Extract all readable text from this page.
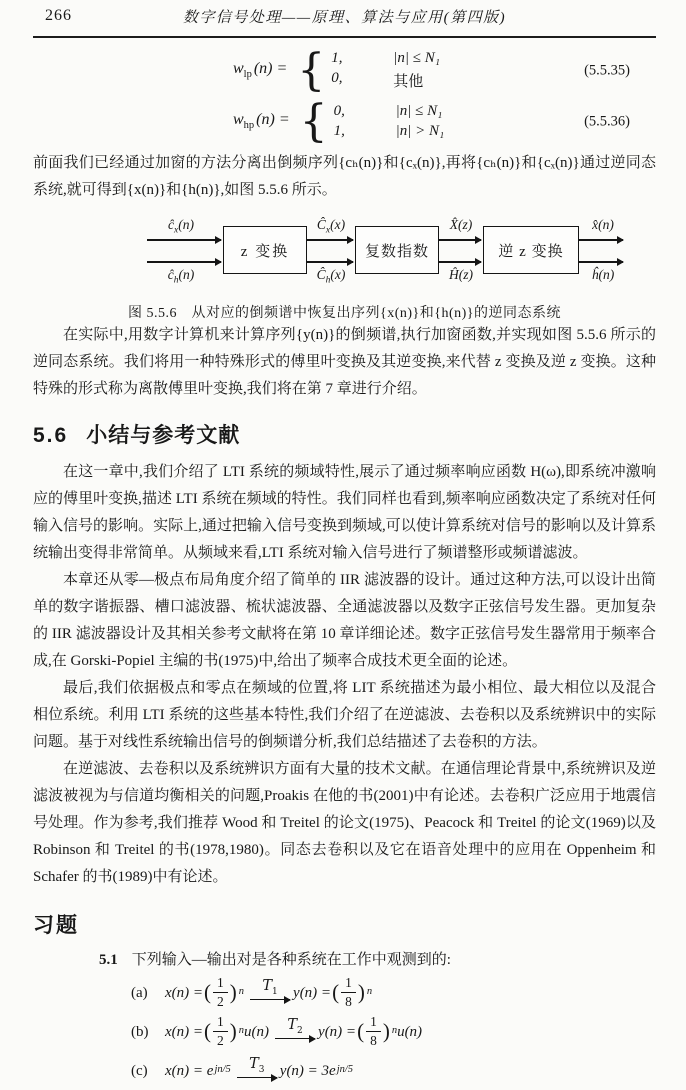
266	数字信号处理——原理、算法与应用(第四版)
$w_{lp}$ (n) = { 1,	|n| ≤ N₁
0,	其他
(5.5.35)
$w_{hp}$ (n) = { 0,	|n| ≤ N₁
1,	|n| > N₁
(5.5.36)

前面我们已经通过加窗的方法分离出倒频序列{cₕ(n)}和{cₓ(n)},再将{cₕ(n)}和{cₓ(n)}通过逆同态系统,就可得到{x(n)}和{h(n)},如图 5.5.6 所示。

z 变换	复数指数	逆 z 变换
$ĉ_x(n)$
$ĉ_h(n)$
$Ĉ_x(x)$
$Ĉ_h(x)$
X̂(z)
Ĥ(z)
x̂(n)
ĥ(n)
图 5.5.6　从对应的倒频谱中恢复出序列{x(n)}和{h(n)}的逆同态系统

在实际中,用数字计算机来计算序列{y(n)}的倒频谱,执行加窗函数,并实现如图 5.5.6 所示的逆同态系统。我们将用一种特殊形式的傅里叶变换及其逆变换,来代替 z 变换及逆 z 变换。这种特殊的形式称为离散傅里叶变换,我们将在第 7 章进行介绍。

5.6 小结与参考文献

在这一章中,我们介绍了 LTI 系统的频域特性,展示了通过频率响应函数 H(ω),即系统冲激响应的傅里叶变换,描述 LTI 系统在频域的特性。我们同样也看到,频率响应函数决定了系统对任何输入信号的影响。实际上,通过把输入信号变换到频域,可以使计算系统对信号的影响以及计算系统输出变得非常简单。从频域来看,LTI 系统对输入信号进行了频谱整形或频谱滤波。

本章还从零—极点布局角度介绍了简单的 IIR 滤波器的设计。通过这种方法,可以设计出简单的数字谐振器、槽口滤波器、梳状滤波器、全通滤波器以及数字正弦信号发生器。更加复杂的 IIR 滤波器设计及其相关参考文献将在第 10 章详细论述。数字正弦信号发生器常用于频率合成,在 Gorski-Popiel 主编的书(1975)中,给出了频率合成技术更全面的论述。

最后,我们依据极点和零点在频域的位置,将 LIT 系统描述为最小相位、最大相位以及混合相位系统。利用 LTI 系统的这些基本特性,我们介绍了在逆滤波、去卷积以及系统辨识中的实际问题。基于对线性系统输出信号的倒频谱分析,我们总结描述了去卷积的方法。

在逆滤波、去卷积以及系统辨识方面有大量的技术文献。在通信理论背景中,系统辨识及逆滤波被视为与信道均衡相关的问题,Proakis 在他的书(2001)中有论述。去卷积广泛应用于地震信号处理。作为参考,我们推荐 Wood 和 Treitel 的论文(1975)、Peacock 和 Treitel 的论文(1969)以及 Robinson 和 Treitel 的书(1978,1980)。同态去卷积以及它在语音处理中的应用在 Oppenheim 和 Schafer 的书(1989)中有论述。

习题
5.1 下列输入—输出对是各种系统在工作中观测到的:
(a)	x(n) = ( $\frac{1}{2} )^n$ $T_1$ y(n) = ( $\frac{1}{8} )^n$
(b)	x(n) = ( $\frac{1}{2} )^n$ u(n) $T_2$ y(n) = ( $\frac{1}{8} )^n$ u(n)
(c)	$x(n) = e^{jn/5}$ $T_3$ $y(n) = 3e^{jn/5}$
